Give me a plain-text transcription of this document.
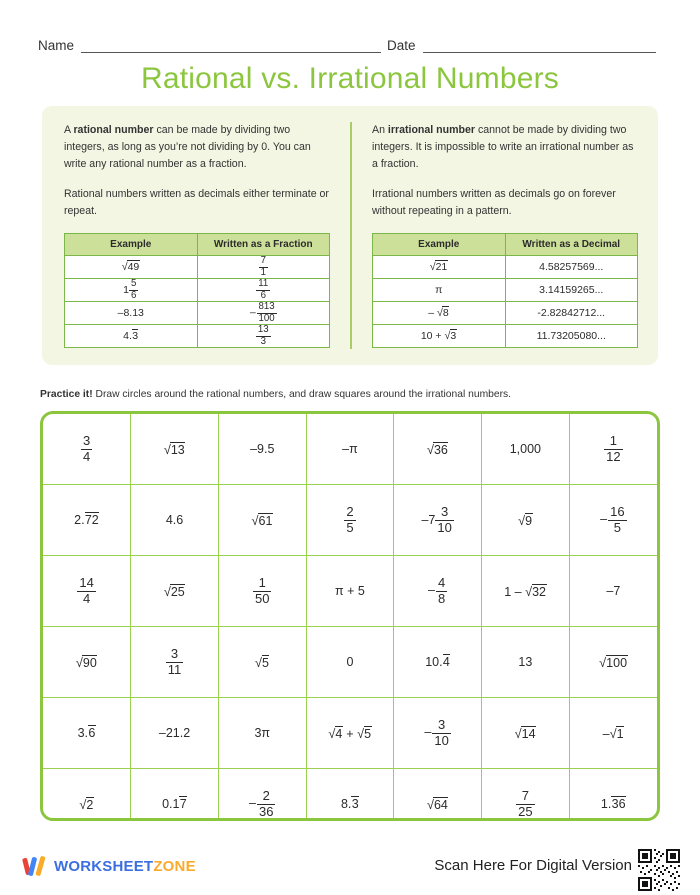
Name	Date
Rational vs. Irrational Numbers

A rational number can be made by dividing two integers, as long as you’re not dividing by 0. You can write any rational number as a fraction.

Rational numbers written as decimals either terminate or repeat.

Example	Written as a Fraction
√49	$\frac{7}{1}$

$1 \frac{5}{6}$	$\frac{11}{6}$

–8.13	–  $\frac{813}{100}$

4.3	$\frac{13}{3}$

An irrational number cannot be made by dividing two integers. It is impossible to write an irrational number as a fraction.

Irrational numbers written as decimals go on forever without repeating in a pattern.

Example	Written as a Decimal
√21	4.58257569...
π	3.14159265...
– √8	-2.82842712...
10 + √3	11.73205080...
Practice it! Draw circles around the rational numbers, and draw squares around the irrational numbers.
$\frac{3}{4}$	√13	–9.5	–π	√36	1,000	$\frac{1}{12}$

2.72	4.6	√61	$\frac{2}{5}$	$-7 \frac{3}{10}$	√9	–  $\frac{16}{5}$

$\frac{14}{4}$	√25	$\frac{1}{50}$	π + 5	–  $\frac{4}{8}$	1 – √32	–7
√90	$\frac{3}{11}$	√5	0	10.4	13	√100
3.6	–21.2	3π	√4 + √5	–  $\frac{3}{10}$	√14	–√1
√2	0.17	–  $\frac{2}{36}$	8.3	√64	$\frac{7}{25}$	1.36
WORKSHEETZONE	Scan Here For Digital Version
